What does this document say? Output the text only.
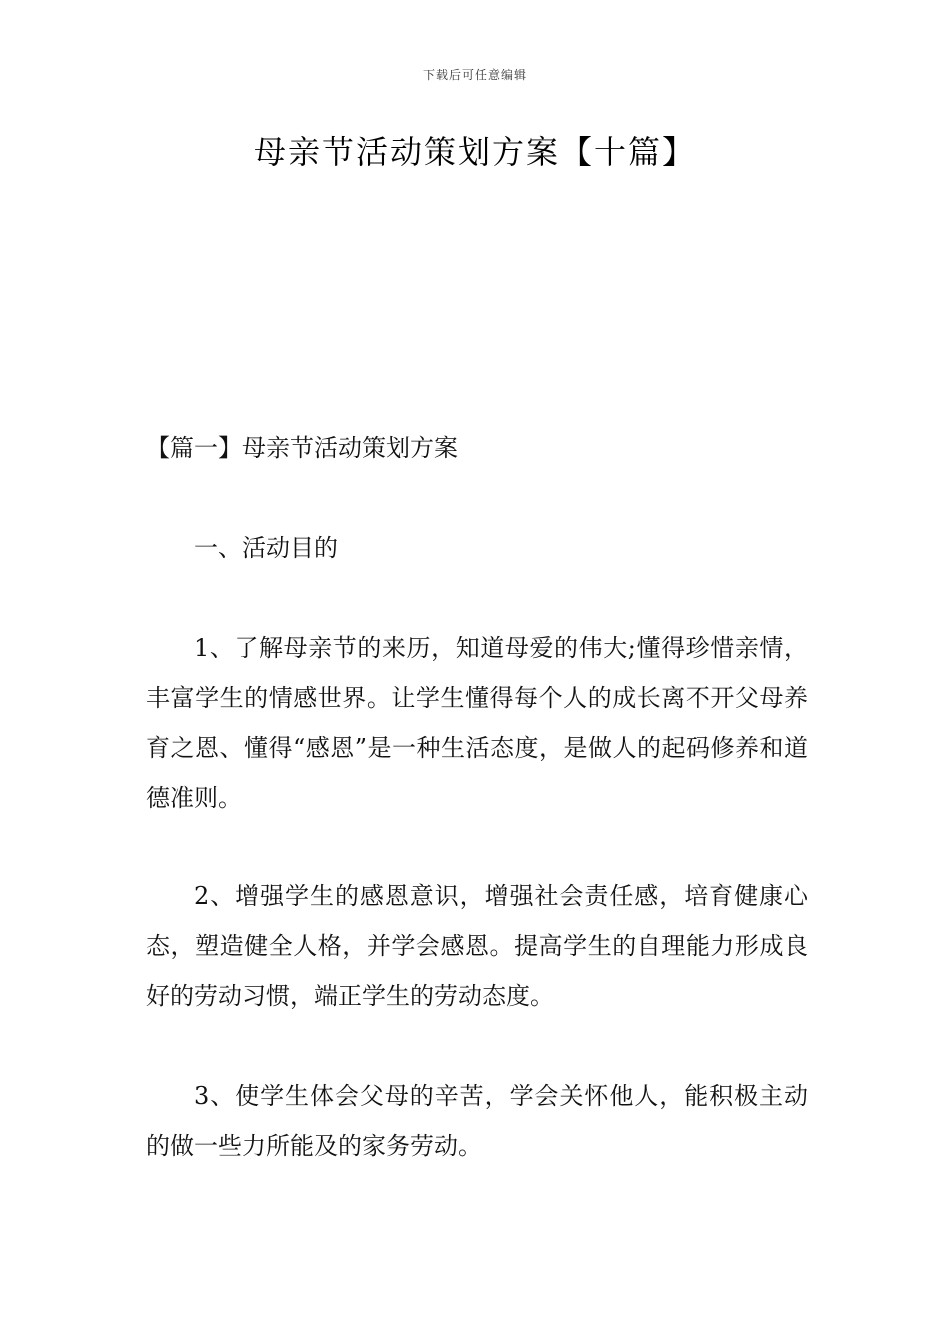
下载后可任意编辑
母亲节活动策划方案【十篇】
【篇一】母亲节活动策划方案
一、活动目的

1、了解母亲节的来历，知道母爱的伟大;懂得珍惜亲情，丰富学生的情感世界。让学生懂得每个人的成长离不开父母养育之恩、懂得“感恩”是一种生活态度，是做人的起码修养和道德准则。

2、增强学生的感恩意识，增强社会责任感，培育健康心态，塑造健全人格，并学会感恩。提高学生的自理能力形成良好的劳动习惯，端正学生的劳动态度。

3、使学生体会父母的辛苦，学会关怀他人，能积极主动的做一些力所能及的家务劳动。
